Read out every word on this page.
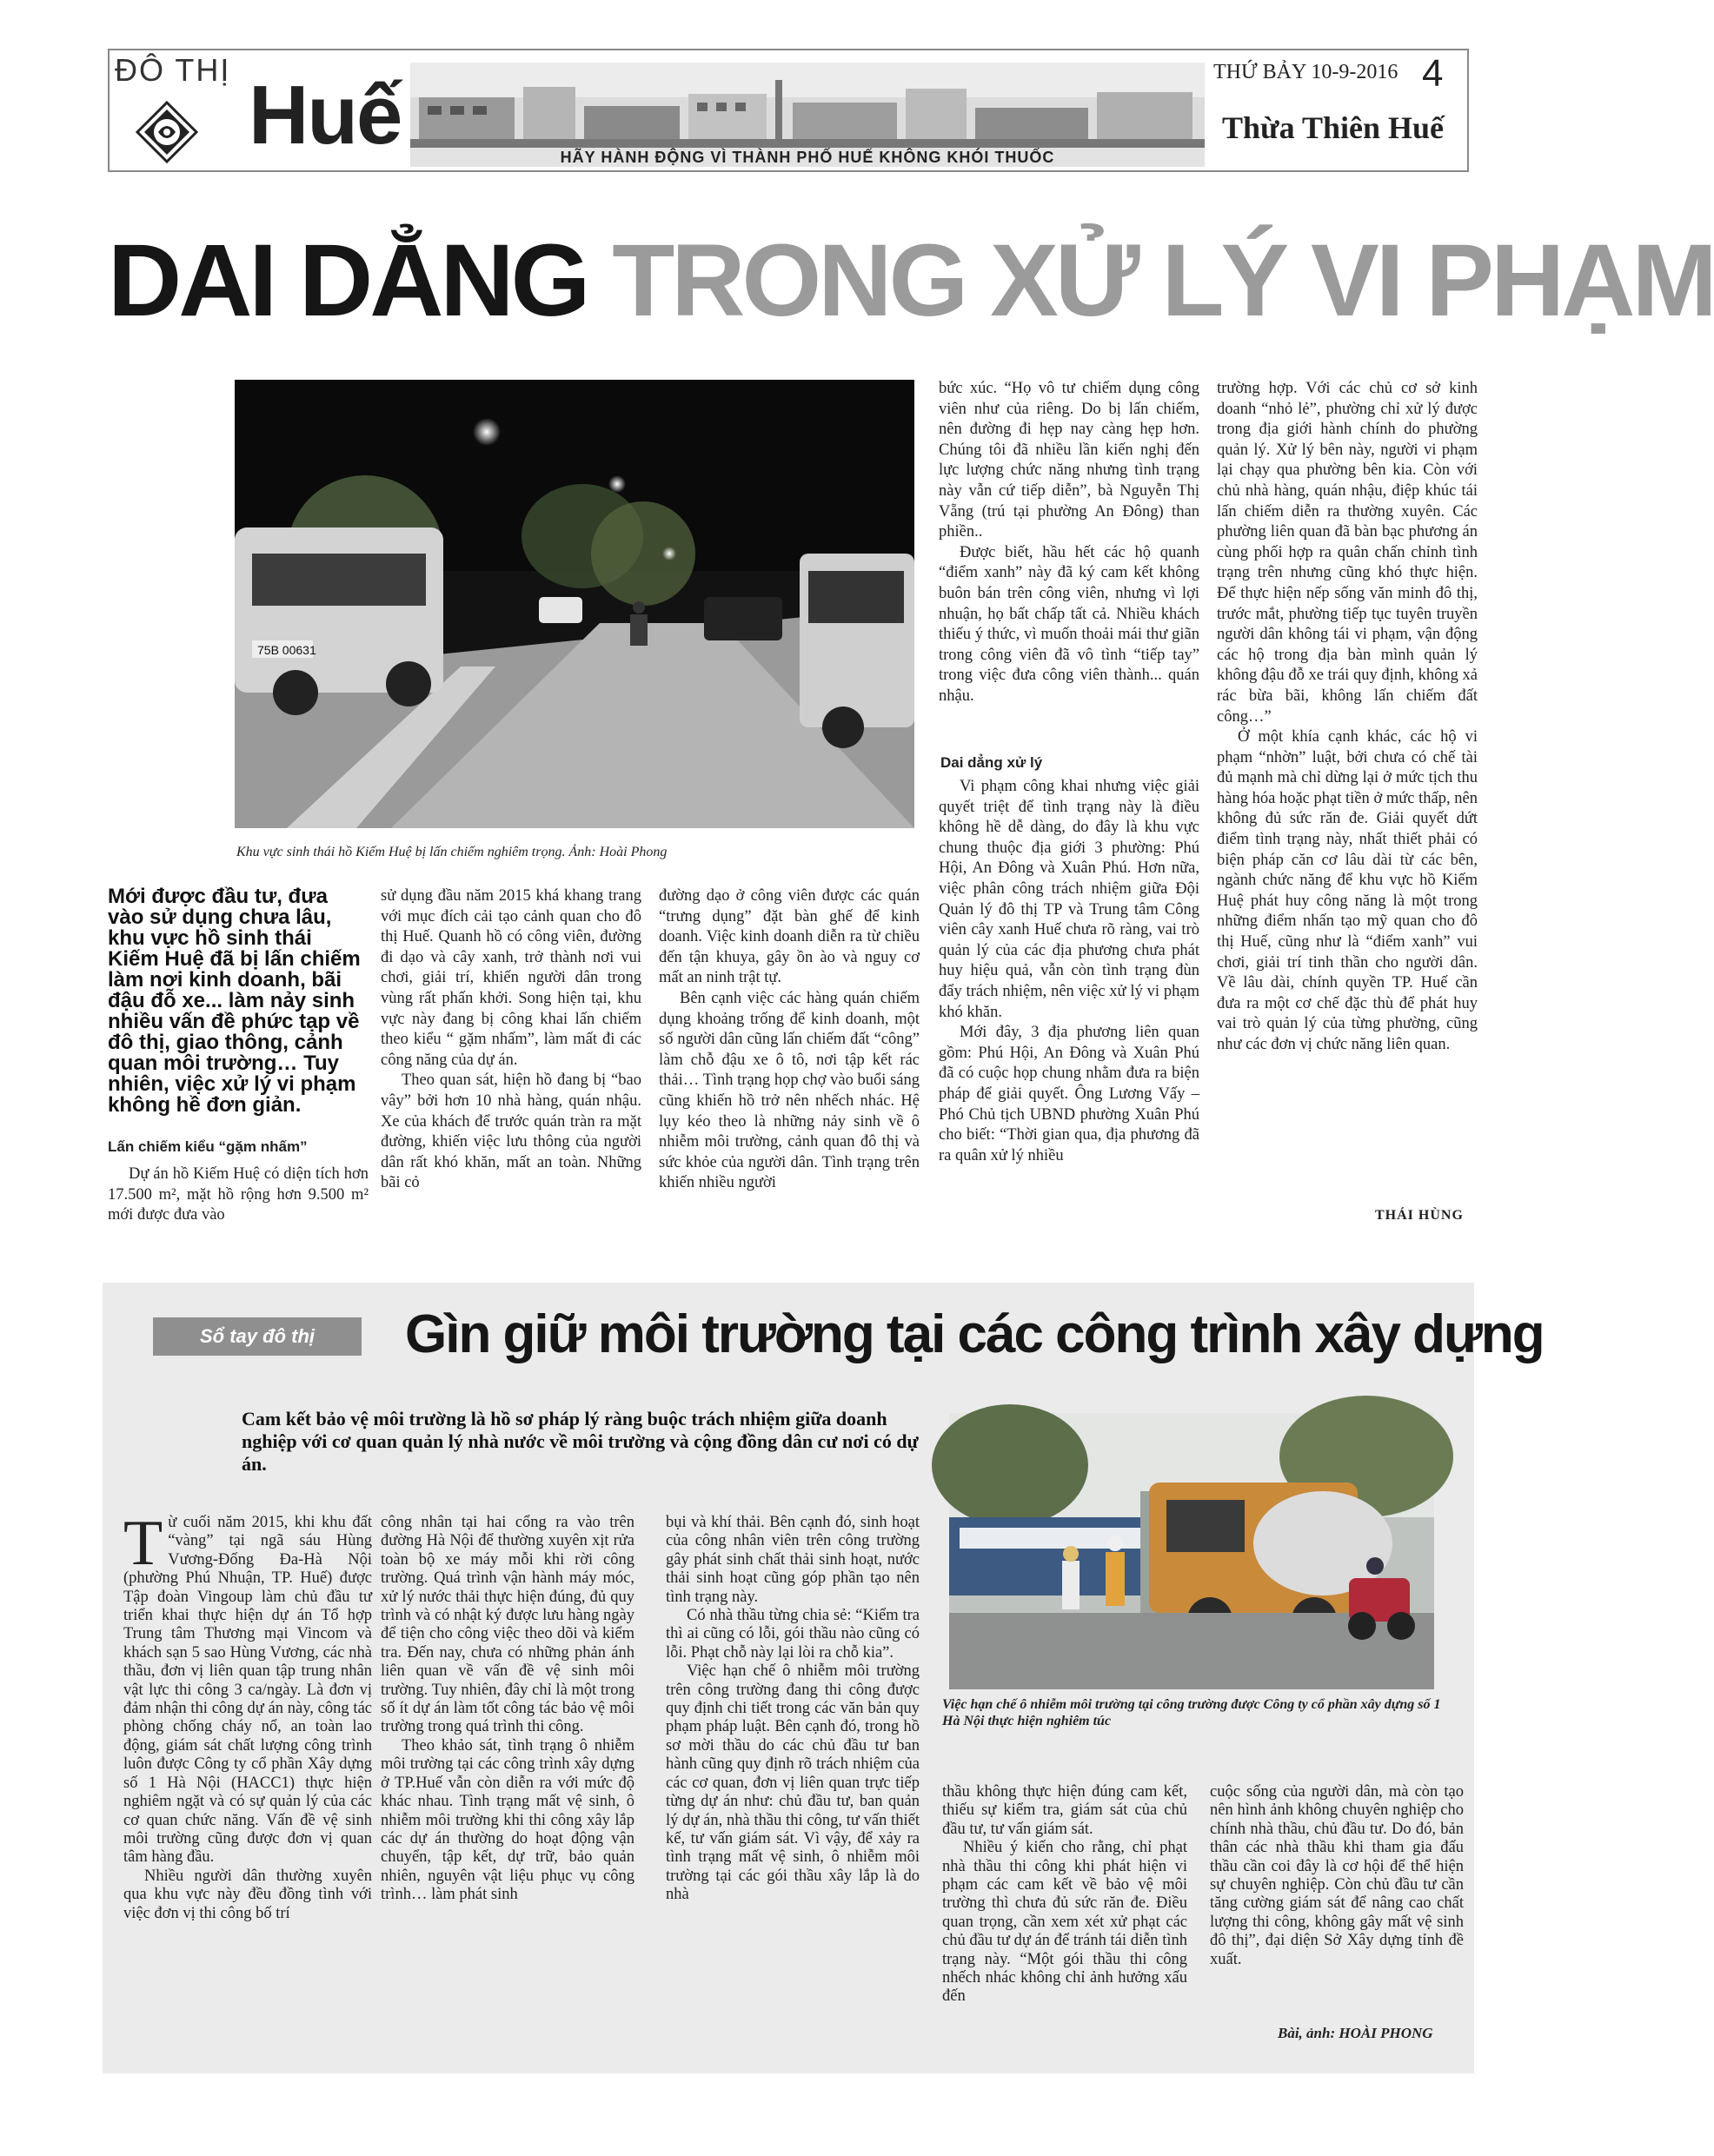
ĐÔ THỊ Huế	HÃY HÀNH ĐỘNG VÌ THÀNH PHỐ HUẾ KHÔNG KHÓI THUỐC
THỨ BẢY 10-9-2016 4
Thừa Thiên Huế
DAI DẲNG TRONG XỬ LÝ VI PHẠM
75B 00631
Khu vực sinh thái hồ Kiếm Huệ bị lấn chiếm nghiêm trọng. Ảnh: Hoài Phong
Mới được đầu tư, đưa vào sử dụng chưa lâu, khu vực hồ sinh thái Kiếm Huệ đã bị lấn chiếm làm nơi kinh doanh, bãi đậu đỗ xe... làm nảy sinh nhiều vấn đề phức tạp về đô thị, giao thông, cảnh quan môi trường… Tuy nhiên, việc xử lý vi phạm không hề đơn giản.
Lấn chiếm kiểu “gặm nhấm”

Dự án hồ Kiếm Huệ có diện tích hơn 17.500 m², mặt hồ rộng hơn 9.500 m² mới được đưa vào

sử dụng đầu năm 2015 khá khang trang với mục đích cải tạo cảnh quan cho đô thị Huế. Quanh hồ có công viên, đường đi dạo và cây xanh, trở thành nơi vui chơi, giải trí, khiến người dân trong vùng rất phấn khởi. Song hiện tại, khu vực này đang bị công khai lấn chiếm theo kiểu “ gặm nhấm”, làm mất đi các công năng của dự án.

Theo quan sát, hiện hồ đang bị “bao vây” bởi hơn 10 nhà hàng, quán nhậu. Xe của khách để trước quán tràn ra mặt đường, khiến việc lưu thông của người dân rất khó khăn, mất an toàn. Những bãi cỏ

đường dạo ở công viên được các quán “trưng dụng” đặt bàn ghế để kinh doanh. Việc kinh doanh diễn ra từ chiều đến tận khuya, gây ồn ào và nguy cơ mất an ninh trật tự.

Bên cạnh việc các hàng quán chiếm dụng khoảng trống để kinh doanh, một số người dân cũng lấn chiếm đất “công” làm chỗ đậu xe ô tô, nơi tập kết rác thải… Tình trạng họp chợ vào buổi sáng cũng khiến hồ trở nên nhếch nhác. Hệ lụy kéo theo là những nảy sinh về ô nhiễm môi trường, cảnh quan đô thị và sức khỏe của người dân. Tình trạng trên khiến nhiều người

bức xúc. “Họ vô tư chiếm dụng công viên như của riêng. Do bị lấn chiếm, nên đường đi hẹp nay càng hẹp hơn. Chúng tôi đã nhiều lần kiến nghị đến lực lượng chức năng nhưng tình trạng này vẫn cứ tiếp diễn”, bà Nguyễn Thị Vẵng (trú tại phường An Đông) than phiền..

Được biết, hầu hết các hộ quanh “điểm xanh” này đã ký cam kết không buôn bán trên công viên, nhưng vì lợi nhuận, họ bất chấp tất cả. Nhiều khách thiếu ý thức, vì muốn thoải mái thư giãn trong công viên đã vô tình “tiếp tay” trong việc đưa công viên thành... quán nhậu.

Dai dẳng xử lý

Vi phạm công khai nhưng việc giải quyết triệt để tình trạng này là điều không hề dễ dàng, do đây là khu vực chung thuộc địa giới 3 phường: Phú Hội, An Đông và Xuân Phú. Hơn nữa, việc phân công trách nhiệm giữa Đội Quản lý đô thị TP và Trung tâm Công viên cây xanh Huế chưa rõ ràng, vai trò quản lý của các địa phương chưa phát huy hiệu quả, vẫn còn tình trạng đùn đẩy trách nhiệm, nên việc xử lý vi phạm khó khăn.

Mới đây, 3 địa phương liên quan gồm: Phú Hội, An Đông và Xuân Phú đã có cuộc họp chung nhằm đưa ra biện pháp để giải quyết. Ông Lương Vấy – Phó Chủ tịch UBND phường Xuân Phú cho biết: “Thời gian qua, địa phương đã ra quân xử lý nhiều

trường hợp. Với các chủ cơ sở kinh doanh “nhỏ lẻ”, phường chỉ xử lý được trong địa giới hành chính do phường quản lý. Xử lý bên này, người vi phạm lại chạy qua phường bên kia. Còn với chủ nhà hàng, quán nhậu, điệp khúc tái lấn chiếm diễn ra thường xuyên. Các phường liên quan đã bàn bạc phương án cùng phối hợp ra quân chấn chỉnh tình trạng trên nhưng cũng khó thực hiện. Để thực hiện nếp sống văn minh đô thị, trước mắt, phường tiếp tục tuyên truyền người dân không tái vi phạm, vận động các hộ trong địa bàn mình quản lý không đậu đỗ xe trái quy định, không xả rác bừa bãi, không lấn chiếm đất công…”

Ở một khía cạnh khác, các hộ vi phạm “nhờn” luật, bởi chưa có chế tài đủ mạnh mà chỉ dừng lại ở mức tịch thu hàng hóa hoặc phạt tiền ở mức thấp, nên không đủ sức răn đe. Giải quyết dứt điểm tình trạng này, nhất thiết phải có biện pháp căn cơ lâu dài từ các bên, ngành chức năng để khu vực hồ Kiếm Huệ phát huy công năng là một trong những điểm nhấn tạo mỹ quan cho đô thị Huế, cũng như là “điểm xanh” vui chơi, giải trí tinh thần cho người dân. Về lâu dài, chính quyền TP. Huế cần đưa ra một cơ chế đặc thù để phát huy vai trò quản lý của từng phường, cũng như các đơn vị chức năng liên quan.

THÁI HÙNG
Sổ tay đô thị	Gìn giữ môi trường tại các công trình xây dựng
Cam kết bảo vệ môi trường là hồ sơ pháp lý ràng buộc trách nhiệm giữa doanh nghiệp với cơ quan quản lý nhà nước về môi trường và cộng đồng dân cư nơi có dự án.
Việc hạn chế ô nhiễm môi trường tại công trường được Công ty cổ phần xây dựng số 1 Hà Nội thực hiện nghiêm túc

Từ cuối năm 2015, khi khu đất “vàng” tại ngã sáu Hùng Vương-Đống Đa-Hà Nội (phường Phú Nhuận, TP. Huế) được Tập đoàn Vingoup làm chủ đầu tư triển khai thực hiện dự án Tổ hợp Trung tâm Thương mại Vincom và khách sạn 5 sao Hùng Vương, các nhà thầu, đơn vị liên quan tập trung nhân vật lực thi công 3 ca/ngày. Là đơn vị đảm nhận thi công dự án này, công tác phòng chống cháy nổ, an toàn lao động, giám sát chất lượng công trình luôn được Công ty cổ phần Xây dựng số 1 Hà Nội (HACC1) thực hiện nghiêm ngặt và có sự quản lý của các cơ quan chức năng. Vấn đề vệ sinh môi trường cũng được đơn vị quan tâm hàng đầu.

Nhiều người dân thường xuyên qua khu vực này đều đồng tình với việc đơn vị thi công bố trí

công nhân tại hai cổng ra vào trên đường Hà Nội để thường xuyên xịt rửa toàn bộ xe máy mỗi khi rời công trường. Quá trình vận hành máy móc, xử lý nước thải thực hiện đúng, đủ quy trình và có nhật ký được lưu hàng ngày để tiện cho công việc theo dõi và kiểm tra. Đến nay, chưa có những phản ánh liên quan về vấn đề vệ sinh môi trường. Tuy nhiên, đây chỉ là một trong số ít dự án làm tốt công tác bảo vệ môi trường trong quá trình thi công.

Theo khảo sát, tình trạng ô nhiễm môi trường tại các công trình xây dựng ở TP.Huế vẫn còn diễn ra với mức độ khác nhau. Tình trạng mất vệ sinh, ô nhiễm môi trường khi thi công xây lắp các dự án thường do hoạt động vận chuyển, tập kết, dự trữ, bảo quản nhiên, nguyên vật liệu phục vụ công trình… làm phát sinh

bụi và khí thải. Bên cạnh đó, sinh hoạt của công nhân viên trên công trường gây phát sinh chất thải sinh hoạt, nước thải sinh hoạt cũng góp phần tạo nên tình trạng này.

Có nhà thầu từng chia sẻ: “Kiểm tra thì ai cũng có lỗi, gói thầu nào cũng có lỗi. Phạt chỗ này lại lòi ra chỗ kia”.

Việc hạn chế ô nhiễm môi trường trên công trường đang thi công được quy định chi tiết trong các văn bản quy phạm pháp luật. Bên cạnh đó, trong hồ sơ mời thầu do các chủ đầu tư ban hành cũng quy định rõ trách nhiệm của các cơ quan, đơn vị liên quan trực tiếp từng dự án như: chủ đầu tư, ban quản lý dự án, nhà thầu thi công, tư vấn thiết kế, tư vấn giám sát. Vì vậy, để xảy ra tình trạng mất vệ sinh, ô nhiễm môi trường tại các gói thầu xây lắp là do nhà

thầu không thực hiện đúng cam kết, thiếu sự kiểm tra, giám sát của chủ đầu tư, tư vấn giám sát.

Nhiều ý kiến cho rằng, chỉ phạt nhà thầu thi công khi phát hiện vi phạm các cam kết về bảo vệ môi trường thì chưa đủ sức răn đe. Điều quan trọng, cần xem xét xử phạt các chủ đầu tư dự án để tránh tái diễn tình trạng này. “Một gói thầu thi công nhếch nhác không chỉ ảnh hưởng xấu đến

cuộc sống của người dân, mà còn tạo nên hình ảnh không chuyên nghiệp cho chính nhà thầu, chủ đầu tư. Do đó, bản thân các nhà thầu khi tham gia đấu thầu cần coi đây là cơ hội để thể hiện sự chuyên nghiệp. Còn chủ đầu tư cần tăng cường giám sát để nâng cao chất lượng thi công, không gây mất vệ sinh đô thị”, đại diện Sở Xây dựng tỉnh đề xuất.

Bài, ảnh: HOÀI PHONG
